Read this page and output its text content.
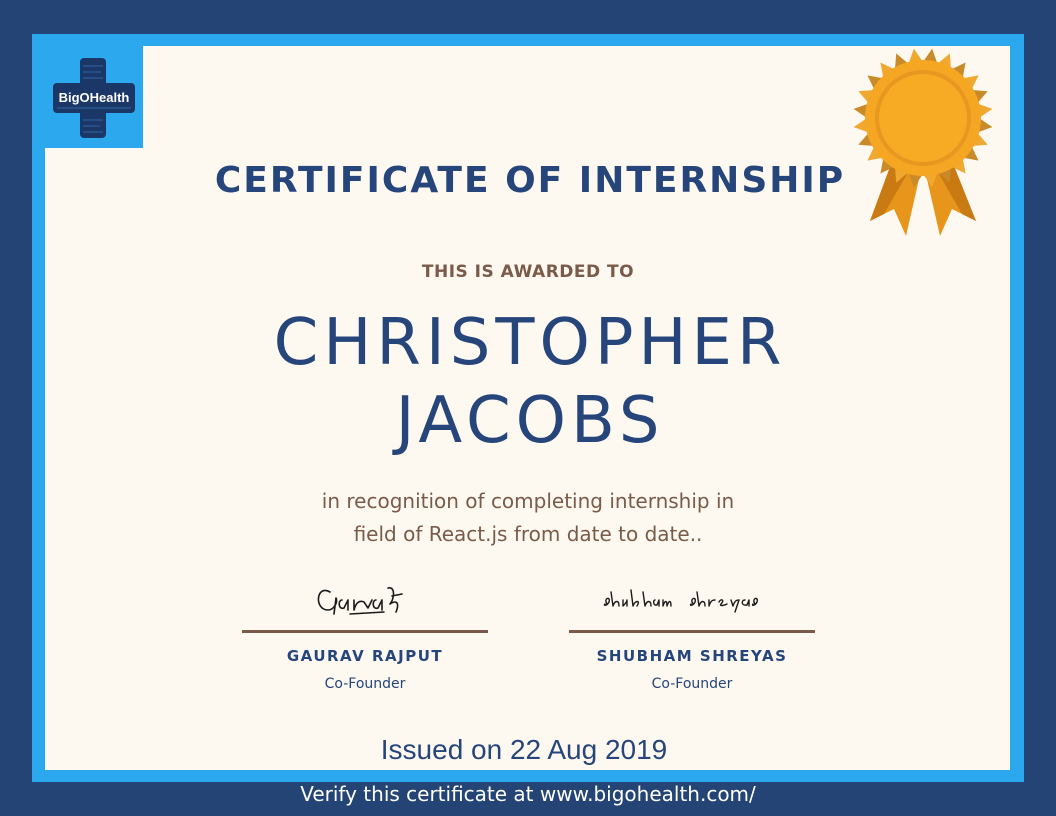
BigOHealth
CERTIFICATE OF INTERNSHIP
THIS IS AWARDED TO
CHRISTOPHER
JACOBS
in recognition of completing internship in
field of React.js from date to date..
GAURAV RAJPUT
Co-Founder
SHUBHAM SHREYAS
Co-Founder
Issued on 22 Aug 2019
Verify this certificate at www.bigohealth.com/
